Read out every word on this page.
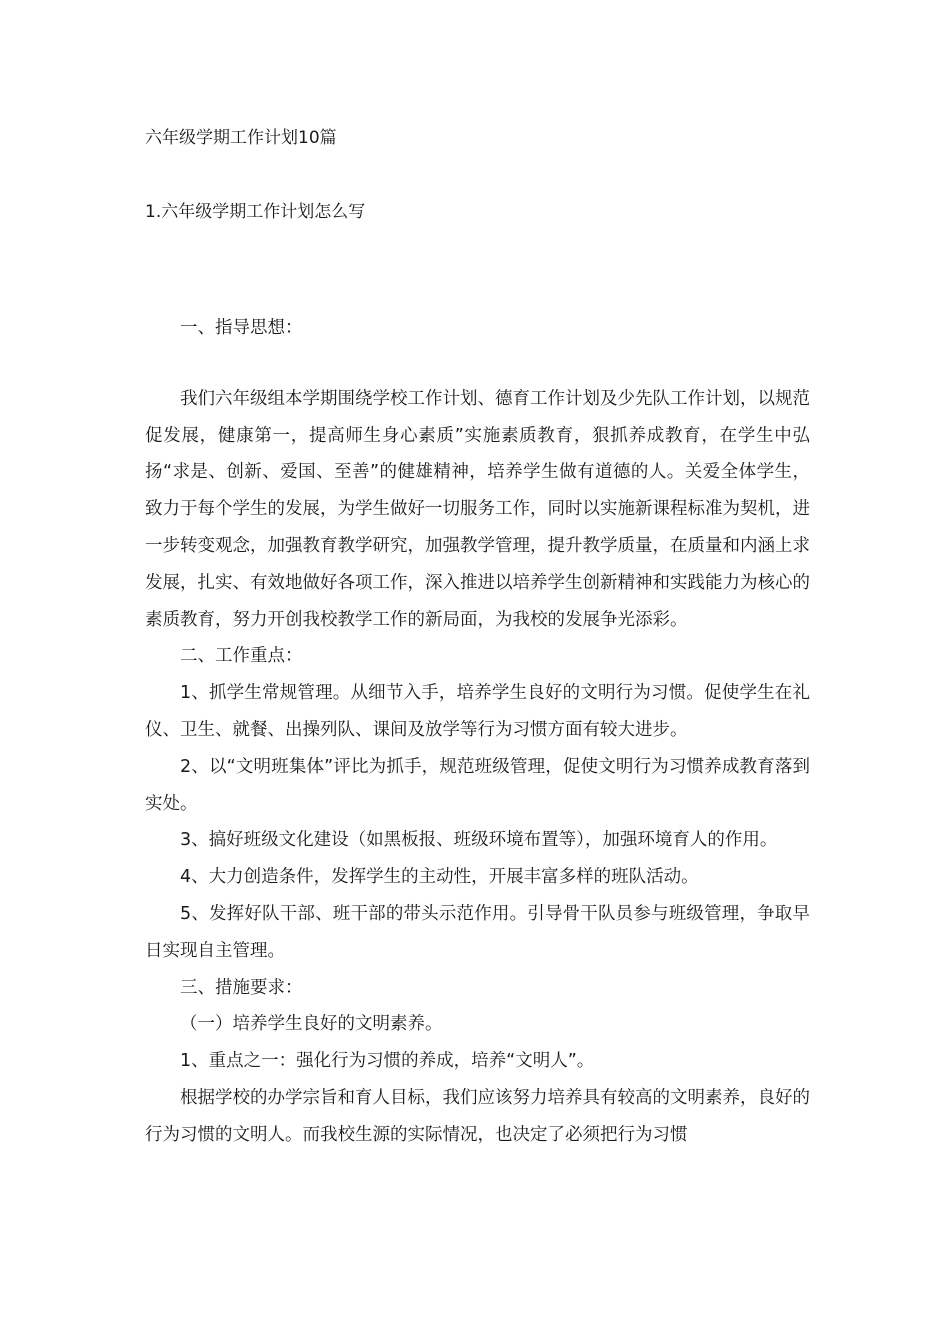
六年级学期工作计划10篇
1.六年级学期工作计划怎么写

一、指导思想：

我们六年级组本学期围绕学校工作计划、德育工作计划及少先队工作计划，以规范促发展，健康第一，提高师生身心素质”实施素质教育，狠抓养成教育，在学生中弘扬“求是、创新、爱国、至善”的健雄精神，培养学生做有道德的人。关爱全体学生，致力于每个学生的发展，为学生做好一切服务工作，同时以实施新课程标准为契机，进一步转变观念，加强教育教学研究，加强教学管理，提升教学质量，在质量和内涵上求发展，扎实、有效地做好各项工作，深入推进以培养学生创新精神和实践能力为核心的素质教育，努力开创我校教学工作的新局面，为我校的发展争光添彩。

二、工作重点：

1、抓学生常规管理。从细节入手，培养学生良好的文明行为习惯。促使学生在礼仪、卫生、就餐、出操列队、课间及放学等行为习惯方面有较大进步。

2、以“文明班集体”评比为抓手，规范班级管理，促使文明行为习惯养成教育落到实处。

3、搞好班级文化建设（如黑板报、班级环境布置等），加强环境育人的作用。

4、大力创造条件，发挥学生的主动性，开展丰富多样的班队活动。

5、发挥好队干部、班干部的带头示范作用。引导骨干队员参与班级管理，争取早日实现自主管理。

三、措施要求：

（一）培养学生良好的文明素养。

1、重点之一：强化行为习惯的养成，培养“文明人”。

根据学校的办学宗旨和育人目标，我们应该努力培养具有较高的文明素养，良好的行为习惯的文明人。而我校生源的实际情况，也决定了必须把行为习惯
